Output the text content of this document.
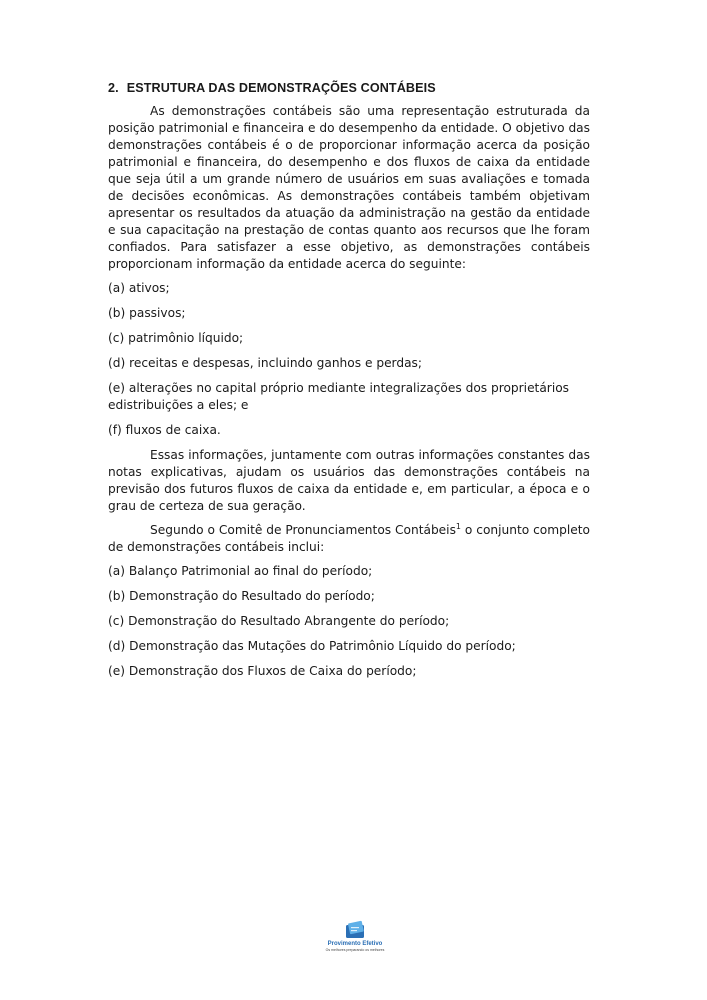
2. ESTRUTURA DAS DEMONSTRAÇÕES CONTÁBEIS

As demonstrações contábeis são uma representação estruturada da posição patrimonial e financeira e do desempenho da entidade. O objetivo das demonstrações contábeis é o de proporcionar informação acerca da posição patrimonial e financeira, do desempenho e dos fluxos de caixa da entidade que seja útil a um grande número de usuários em suas avaliações e tomada de decisões econômicas. As demonstrações contábeis também objetivam apresentar os resultados da atuação da administração na gestão da entidade e sua capacitação na prestação de contas quanto aos recursos que lhe foram confiados. Para satisfazer a esse objetivo, as demonstrações contábeis proporcionam informação da entidade acerca do seguinte:

(a) ativos;
(b) passivos;
(c) patrimônio líquido;
(d) receitas e despesas, incluindo ganhos e perdas;
(e) alterações no capital próprio mediante integralizações dos proprietários edistribuições a eles; e
(f) fluxos de caixa.

Essas informações, juntamente com outras informações constantes das notas explicativas, ajudam os usuários das demonstrações contábeis na previsão dos futuros fluxos de caixa da entidade e, em particular, a época e o grau de certeza de sua geração.

Segundo o Comitê de Pronunciamentos Contábeis$^1$ o conjunto completo de demonstrações contábeis inclui:

(a) Balanço Patrimonial ao final do período;
(b) Demonstração do Resultado do período;
(c) Demonstração do Resultado Abrangente do período;
(d) Demonstração das Mutações do Patrimônio Líquido do período;
(e) Demonstração dos Fluxos de Caixa do período;
Provimento Efetivo
Os melhores preparando os melhores
